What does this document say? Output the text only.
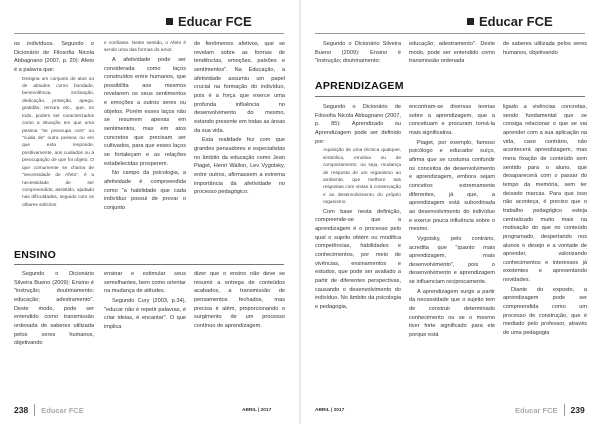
Educar FCE

os indivíduos. Segundo o Dicionário de Filosofia Nicola Abbagnano (2007, p. 20): Afeto é a palavra que:

Designa um conjunto de atos ou de atitudes como bondade, benevolência, inclinação, dedicação, proteção, apego, gratidão, ternura etc., que, no todo, podem ser caracterizados como a situação em que uma pessoa "se preocupa com" ou "cuida de" outra pessoa ou em que esta responde, positivamente, aos cuidados ou à preocupação de que foi objeto. O que comumente se chama de "necessidade de Afeto", é a necessidade de ser compreendido, assistido, ajudado nas dificuldades, seguido com os olhares solícitos

e confiante. Neste sentido, o Afeto é sendo uma das formas do amor.

A afetividade pode ser considerada como laços construídos entre humanos, que possibilita aos mesmos revelarem os seus sentimentos e emoções a outros seres ou objetos. Porém esses laços não se resumem apenas em sentimentos, mas em atos concretos que precisam ser cultivados, para que esses laços se fortaleçam e as relações estabelecidas prosperem.

No campo da psicologia, a afetividade é compreendida como "a habilidade que cada indivíduo possui de provar o conjunto

de fenômenos afetivos, que se revelam sobre as formas de tendências, emoções, paixões e sentimentos". Na Educação, a afetividade assumiu um papel crucial na formação do indivíduo, pois é a força que exerce uma profunda influência no desenvolvimento do mesmo, estando presente em todas as áreas da sua vida.

Esta realidade fez com que grandes pensadores e especialistas no âmbito da educação como Jean Piaget, Henri Wallon, Lev Vygotsky, entre outros, afirmassem a extrema importância da afetividade no processo pedagógico.

ENSINO

Segundo o Dicionário Silveira Bueno (2009): Ensino é "instrução; doutrinamento; educação; adestramento". Deste modo, pode ser entendido como transmissão ordenada de saberes utilizada pelos seres humanos, objetivando

ensinar e estimular seus semelhantes, bem como orientar na mudança de atitudes.

Segundo Cury (2003, p.34), "educar não é repetir palavras, é criar ideias, é encantar". O que implica

dizer que o ensino não deve se resumir a entrega de conteúdos acabados, a transmissão de pensamentos fechados, mas precisa ir além, proporcionando o surgimento de um processo contínuo de aprendizagem.

238 Educar FCE	ABRIL | 2017
Educar FCE

Segundo o Dicionário Silveira Bueno (2009): Ensino é "instrução; doutrinamento;

educação; adestramento". Deste modo, pode ser entendido como transmissão ordenada

de saberes utilizada pelos seres humanos, objetivando

APRENDIZAGEM

Segundo o Dicionário de Filosofia Nicola Abbagnano (2007, p. 85): Aprendizado ou Aprendizagem pode ser definido por:

Aquisição de uma técnica qualquer, simbólica, emotiva ou de comportamento, ou seja, mudança de resposta de um organismo ao ambiente, que melhore tais respostas com vistas à conservação e ao desenvolvimento do próprio organismo.

Com base nesta definição, compreende-se que a aprendizagem é o processo pelo qual o sujeito obtém ou modifica competências, habilidades e conhecimentos, por meio de vivências, ensinamentos e estudos, que pode ser avaliado a partir de diferentes perspectivas, causando o desenvolvimento do indivíduo. No âmbito da psicologia e pedagogia,

encontram-se diversas teorias sobre a aprendizagem, que a conceituam e procuram torná-la mais significativa.

Piaget, por exemplo, famoso psicólogo e educador suíço, afirma que se costuma confundir os conceitos de desenvolvimento e aprendizagem, embora sejam conceitos extremamente diferentes, já que, a aprendizagem está subordinada ao desenvolvimento do indivíduo e exerce pouca influência sobre o mesmo.

Vygotsky, pelo contrário, acredita que "quanto mais aprendizagem, mais desenvolvimento", pois o desenvolvimento e aprendizagem se influenciam reciprocamente.

A aprendizagem surge a partir da necessidade que o sujeito tem de construir determinado conhecimento ou se o mesmo tiver forte significado para ele porque está

ligado a vivências concretas, sendo fundamental que se consiga relacionar o que se vai aprender com a sua aplicação na vida, caso contrário, não acontecerá aprendizagem, mas mera fixação de conteúdo sem sentido para o aluno, que desaparecerá com o passar do tempo da memória, sem ter deixado marcas. Para que isso não aconteça, é preciso que o trabalho pedagógico esteja centralizado muito mais na motivação do que no conteúdo programado, despertando nos alunos o desejo e a vontade de aprender, valorizando conhecimentos e interesses já existentes e apresentando novidades.

Diante do exposto, a aprendizagem pode ser compreendida como um processo de construção, que é mediado pelo professor, através de uma pedagogia

ABRIL | 2017	Educar FCE 239
